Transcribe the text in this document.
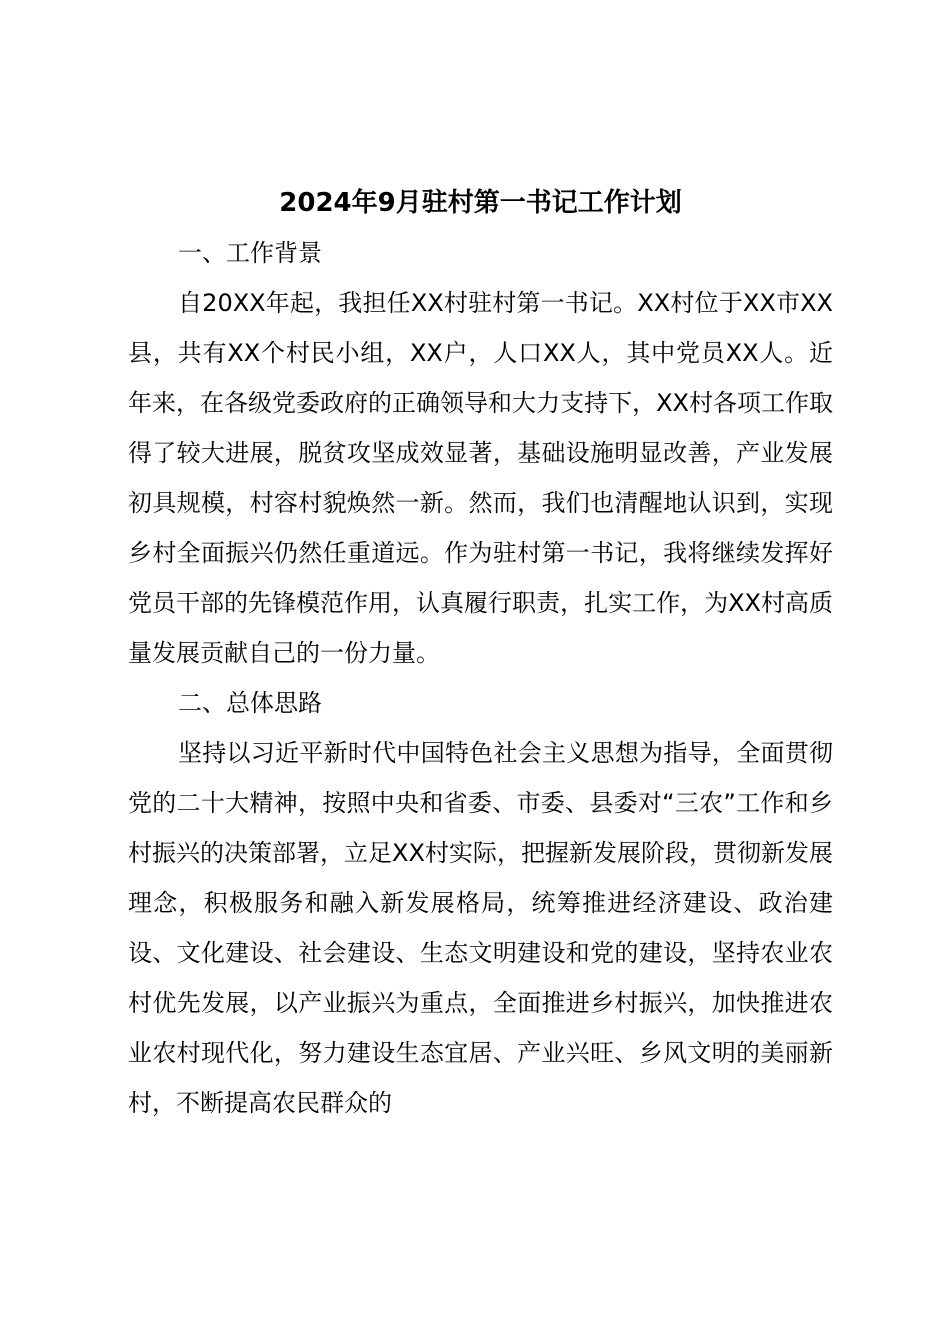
2024年9月驻村第一书记工作计划

一、工作背景

自20XX年起，我担任XX村驻村第一书记。XX村位于XX市XX县，共有XX个村民小组，XX户，人口XX人，其中党员XX人。近年来，在各级党委政府的正确领导和大力支持下，XX村各项工作取得了较大进展，脱贫攻坚成效显著，基础设施明显改善，产业发展初具规模，村容村貌焕然一新。然而，我们也清醒地认识到，实现乡村全面振兴仍然任重道远。作为驻村第一书记，我将继续发挥好党员干部的先锋模范作用，认真履行职责，扎实工作，为XX村高质量发展贡献自己的一份力量。

二、总体思路

坚持以习近平新时代中国特色社会主义思想为指导，全面贯彻党的二十大精神，按照中央和省委、市委、县委对“三农”工作和乡村振兴的决策部署，立足XX村实际，把握新发展阶段，贯彻新发展理念，积极服务和融入新发展格局，统筹推进经济建设、政治建设、文化建设、社会建设、生态文明建设和党的建设，坚持农业农村优先发展，以产业振兴为重点，全面推进乡村振兴，加快推进农业农村现代化，努力建设生态宜居、产业兴旺、乡风文明的美丽新村，不断提高农民群众的
